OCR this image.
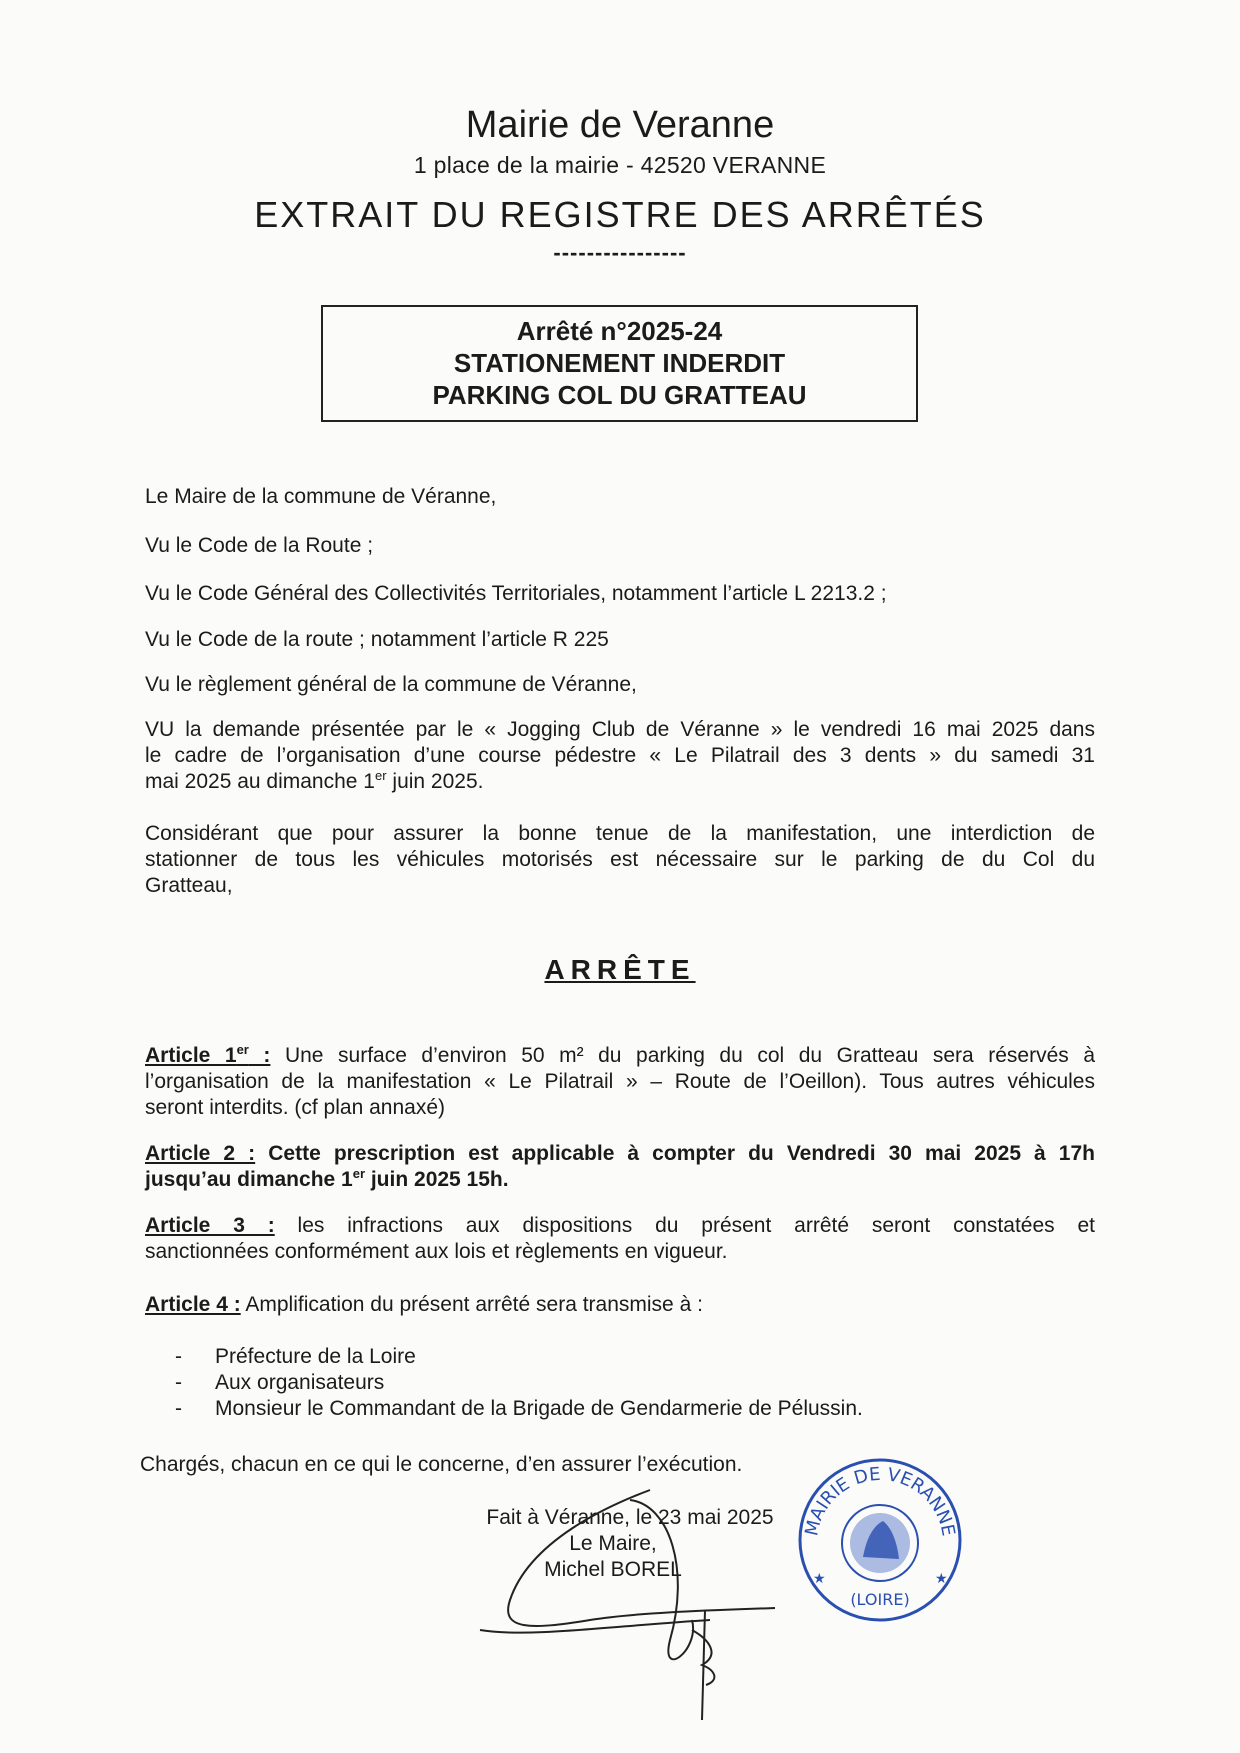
Mairie de Veranne
1 place de la mairie - 42520 VERANNE
EXTRAIT DU REGISTRE DES ARRÊTÉS
----------------
Arrêté n°2025-24
STATIONEMENT INDERDIT
PARKING COL DU GRATTEAU
Le Maire de la commune de Véranne,
Vu le Code de la Route ;
Vu le Code Général des Collectivités Territoriales, notamment l’article L 2213.2 ;
Vu le Code de la route ; notamment l’article R 225
Vu le règlement général de la commune de Véranne,
VU la demande présentée par le « Jogging Club de Véranne » le vendredi 16 mai 2025 dans
le cadre de l’organisation d’une course pédestre « Le Pilatrail des 3 dents » du samedi 31
mai 2025 au dimanche 1er juin 2025.
Considérant que pour assurer la bonne tenue de la manifestation, une interdiction de
stationner de tous les véhicules motorisés est nécessaire sur le parking de du Col du
Gratteau,
ARRÊTE
Article 1er : Une surface d’environ 50 m² du parking du col du Gratteau sera réservés à
l’organisation de la manifestation « Le Pilatrail » – Route de l’Oeillon). Tous autres véhicules
seront interdits. (cf plan annaxé)
Article 2 : Cette prescription est applicable à compter du Vendredi 30 mai 2025 à 17h
jusqu’au dimanche 1er juin 2025 15h.
Article 3 : les infractions aux dispositions du présent arrêté seront constatées et
sanctionnées conformément aux lois et règlements en vigueur.
Article 4 : Amplification du présent arrêté sera transmise à :
- Préfecture de la Loire
- Aux organisateurs
- Monsieur le Commandant de la Brigade de Gendarmerie de Pélussin.
Chargés, chacun en ce qui le concerne, d’en assurer l’exécution.
Fait à Véranne, le 23 mai 2025
Le Maire,
Michel BOREL
MAIRIE DE VERANNE
(LOIRE)
★	★
